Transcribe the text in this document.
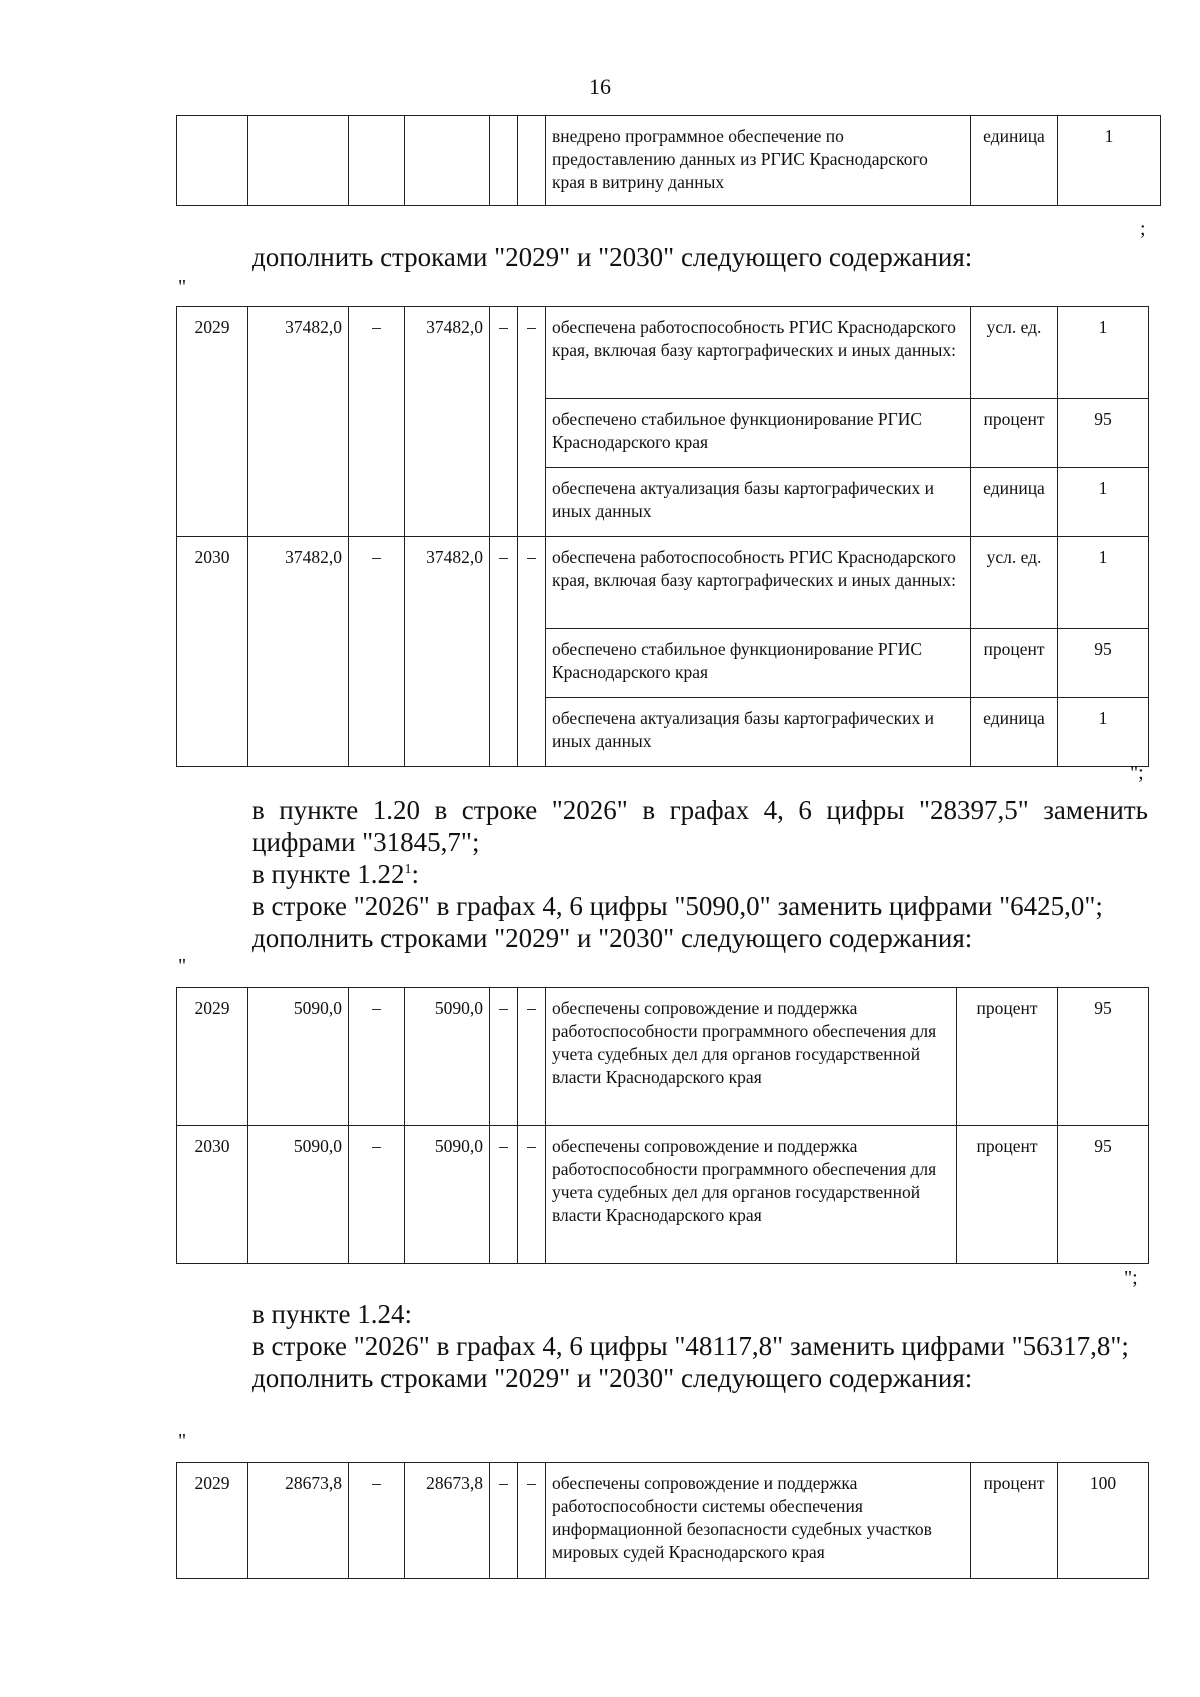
16
						внедрено программное обеспечение по предоставлению данных из РГИС Краснодарского края в витрину данных	единица	1
;
дополнить строками "2029" и "2030" следующего содержания:
"
2029	37482,0	–	37482,0	–	–	обеспечена работоспособность РГИС Краснодарского края, включая базу картографических и иных данных:	усл. ед.	1
						обеспечено стабильное функционирование РГИС Краснодарского края	процент	95
						обеспечена актуализация базы картографических и иных данных	единица	1
2030	37482,0	–	37482,0	–	–	обеспечена работоспособность РГИС Краснодарского края, включая базу картографических и иных данных:	усл. ед.	1
						обеспечено стабильное функционирование РГИС Краснодарского края	процент	95
						обеспечена актуализация базы картографических и иных данных	единица	1
";
в пункте 1.20 в строке "2026" в графах 4, 6 цифры "28397,5" заменить цифрами "31845,7";
в пункте 1.22$^1$:
в строке "2026" в графах 4, 6 цифры "5090,0" заменить цифрами "6425,0";
дополнить строками "2029" и "2030" следующего содержания:
"
2029	5090,0	–	5090,0	–	–	обеспечены сопровождение и поддержка работоспособности программного обеспечения для учета судебных дел для органов государственной власти Краснодарского края	процент	95
2030	5090,0	–	5090,0	–	–	обеспечены сопровождение и поддержка работоспособности программного обеспечения для учета судебных дел для органов государственной власти Краснодарского края	процент	95
";
в пункте 1.24:
в строке "2026" в графах 4, 6 цифры "48117,8" заменить цифрами "56317,8";
дополнить строками "2029" и "2030" следующего содержания:
"
2029	28673,8	–	28673,8	–	–	обеспечены сопровождение и поддержка работоспособности системы обеспечения информационной безопасности судебных участков мировых судей Краснодарского края	процент	100
